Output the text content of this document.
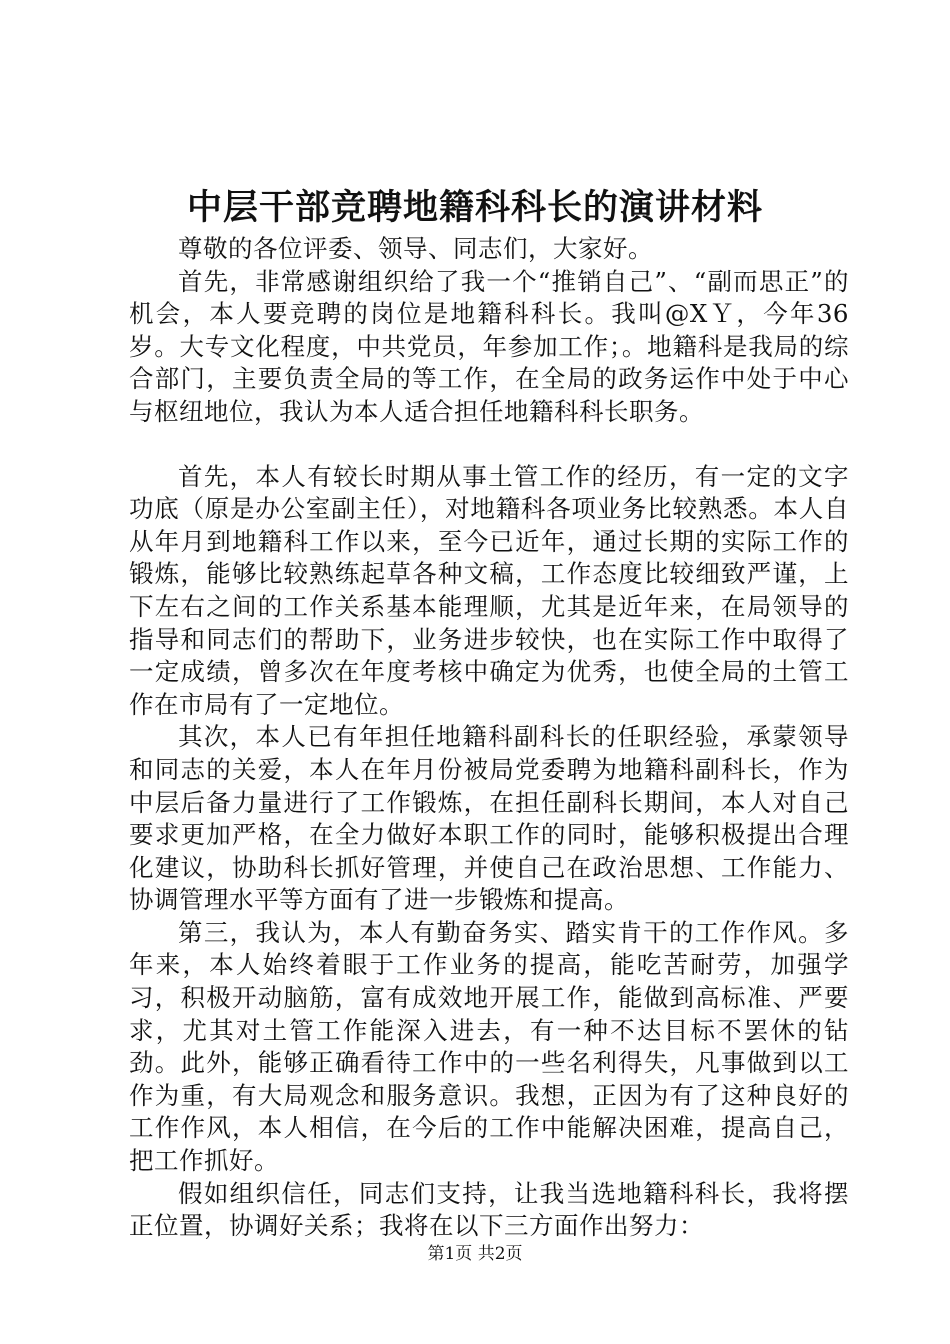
中层干部竞聘地籍科科长的演讲材料

尊敬的各位评委、领导、同志们，大家好。

首先，非常感谢组织给了我一个“推销自己”、“副而思正”的机会，本人要竞聘的岗位是地籍科科长。我叫@XＹ，今年36岁。大专文化程度，中共党员，年参加工作；。地籍科是我局的综合部门，主要负责全局的等工作，在全局的政务运作中处于中心与枢纽地位，我认为本人适合担任地籍科科长职务。

首先，本人有较长时期从事土管工作的经历，有一定的文字功底（原是办公室副主任），对地籍科各项业务比较熟悉。本人自从年月到地籍科工作以来，至今已近年，通过长期的实际工作的锻炼，能够比较熟练起草各种文稿，工作态度比较细致严谨，上下左右之间的工作关系基本能理顺，尤其是近年来，在局领导的指导和同志们的帮助下，业务进步较快，也在实际工作中取得了一定成绩，曾多次在年度考核中确定为优秀，也使全局的土管工作在市局有了一定地位。

其次，本人已有年担任地籍科副科长的任职经验，承蒙领导和同志的关爱，本人在年月份被局党委聘为地籍科副科长，作为中层后备力量进行了工作锻炼，在担任副科长期间，本人对自己要求更加严格，在全力做好本职工作的同时，能够积极提出合理化建议，协助科长抓好管理，并使自己在政治思想、工作能力、协调管理水平等方面有了进一步锻炼和提高。

第三，我认为，本人有勤奋务实、踏实肯干的工作作风。多年来，本人始终着眼于工作业务的提高，能吃苦耐劳，加强学习，积极开动脑筋，富有成效地开展工作，能做到高标准、严要求，尤其对土管工作能深入进去，有一种不达目标不罢休的钻劲。此外，能够正确看待工作中的一些名利得失，凡事做到以工作为重，有大局观念和服务意识。我想，正因为有了这种良好的工作作风，本人相信，在今后的工作中能解决困难，提高自己，把工作抓好。

假如组织信任，同志们支持，让我当选地籍科科长，我将摆正位置，协调好关系；我将在以下三方面作出努力：

第1页 共2页
